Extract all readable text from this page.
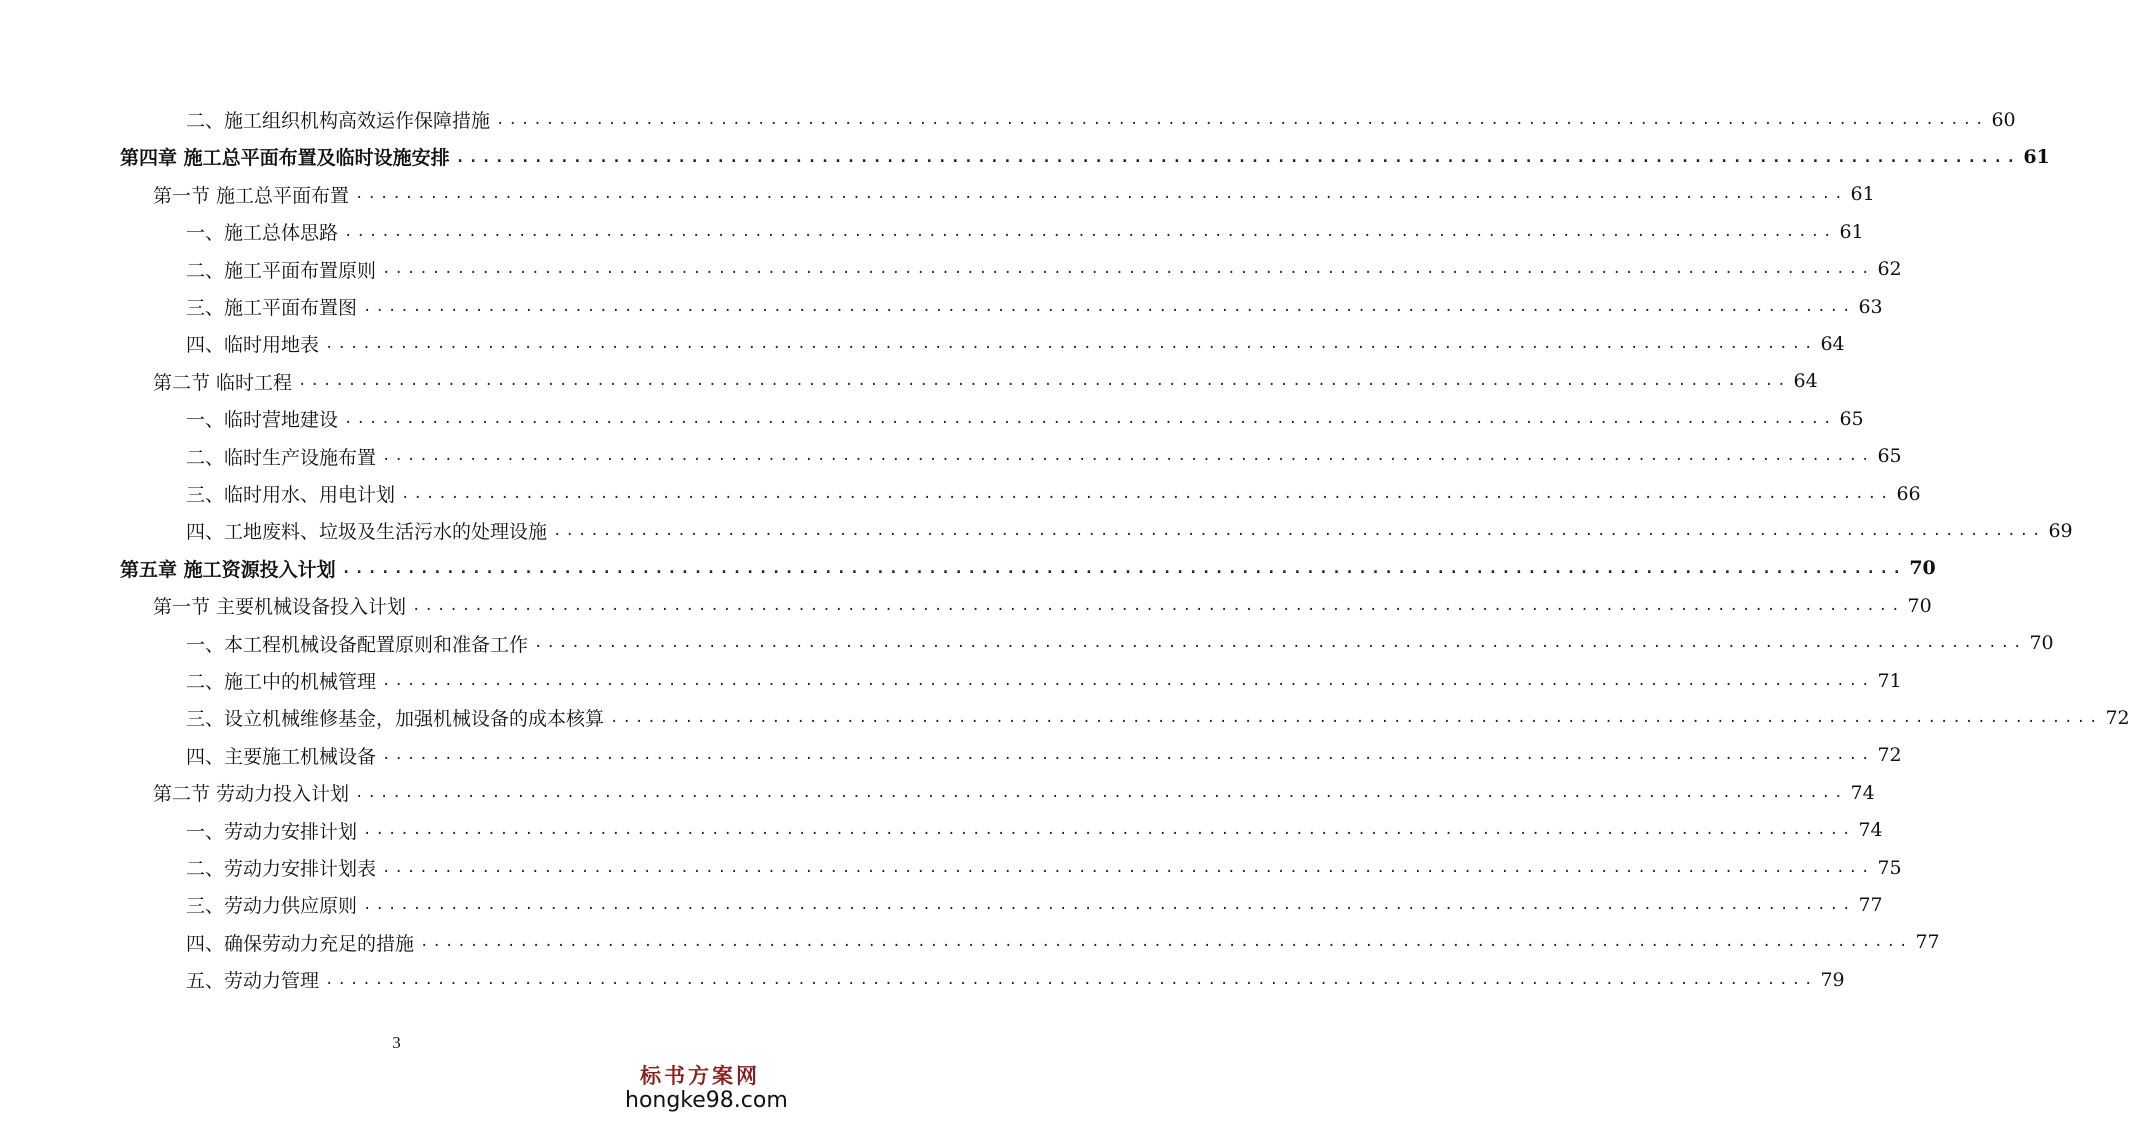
二、施工组织机构高效运作保障措施 ........................................................................................................................ 60
第四章 施工总平面布置及临时设施安排 ........................................................................................................................ 61
第一节 施工总平面布置 ........................................................................................................................ 61
一、施工总体思路 ........................................................................................................................ 61
二、施工平面布置原则 ........................................................................................................................ 62
三、施工平面布置图 ........................................................................................................................ 63
四、临时用地表 ........................................................................................................................ 64
第二节 临时工程 ........................................................................................................................ 64
一、临时营地建设 ........................................................................................................................ 65
二、临时生产设施布置 ........................................................................................................................ 65
三、临时用水、用电计划 ........................................................................................................................ 66
四、工地废料、垃圾及生活污水的处理设施 ........................................................................................................................ 69
第五章 施工资源投入计划 ........................................................................................................................ 70
第一节 主要机械设备投入计划 ........................................................................................................................ 70
一、本工程机械设备配置原则和准备工作 ........................................................................................................................ 70
二、施工中的机械管理 ........................................................................................................................ 71
三、设立机械维修基金，加强机械设备的成本核算 ........................................................................................................................ 72
四、主要施工机械设备 ........................................................................................................................ 72
第二节 劳动力投入计划 ........................................................................................................................ 74
一、劳动力安排计划 ........................................................................................................................ 74
二、劳动力安排计划表 ........................................................................................................................ 75
三、劳动力供应原则 ........................................................................................................................ 77
四、确保劳动力充足的措施 ........................................................................................................................ 77
五、劳动力管理 ........................................................................................................................ 79
3
标书方案网
hongke98.com
